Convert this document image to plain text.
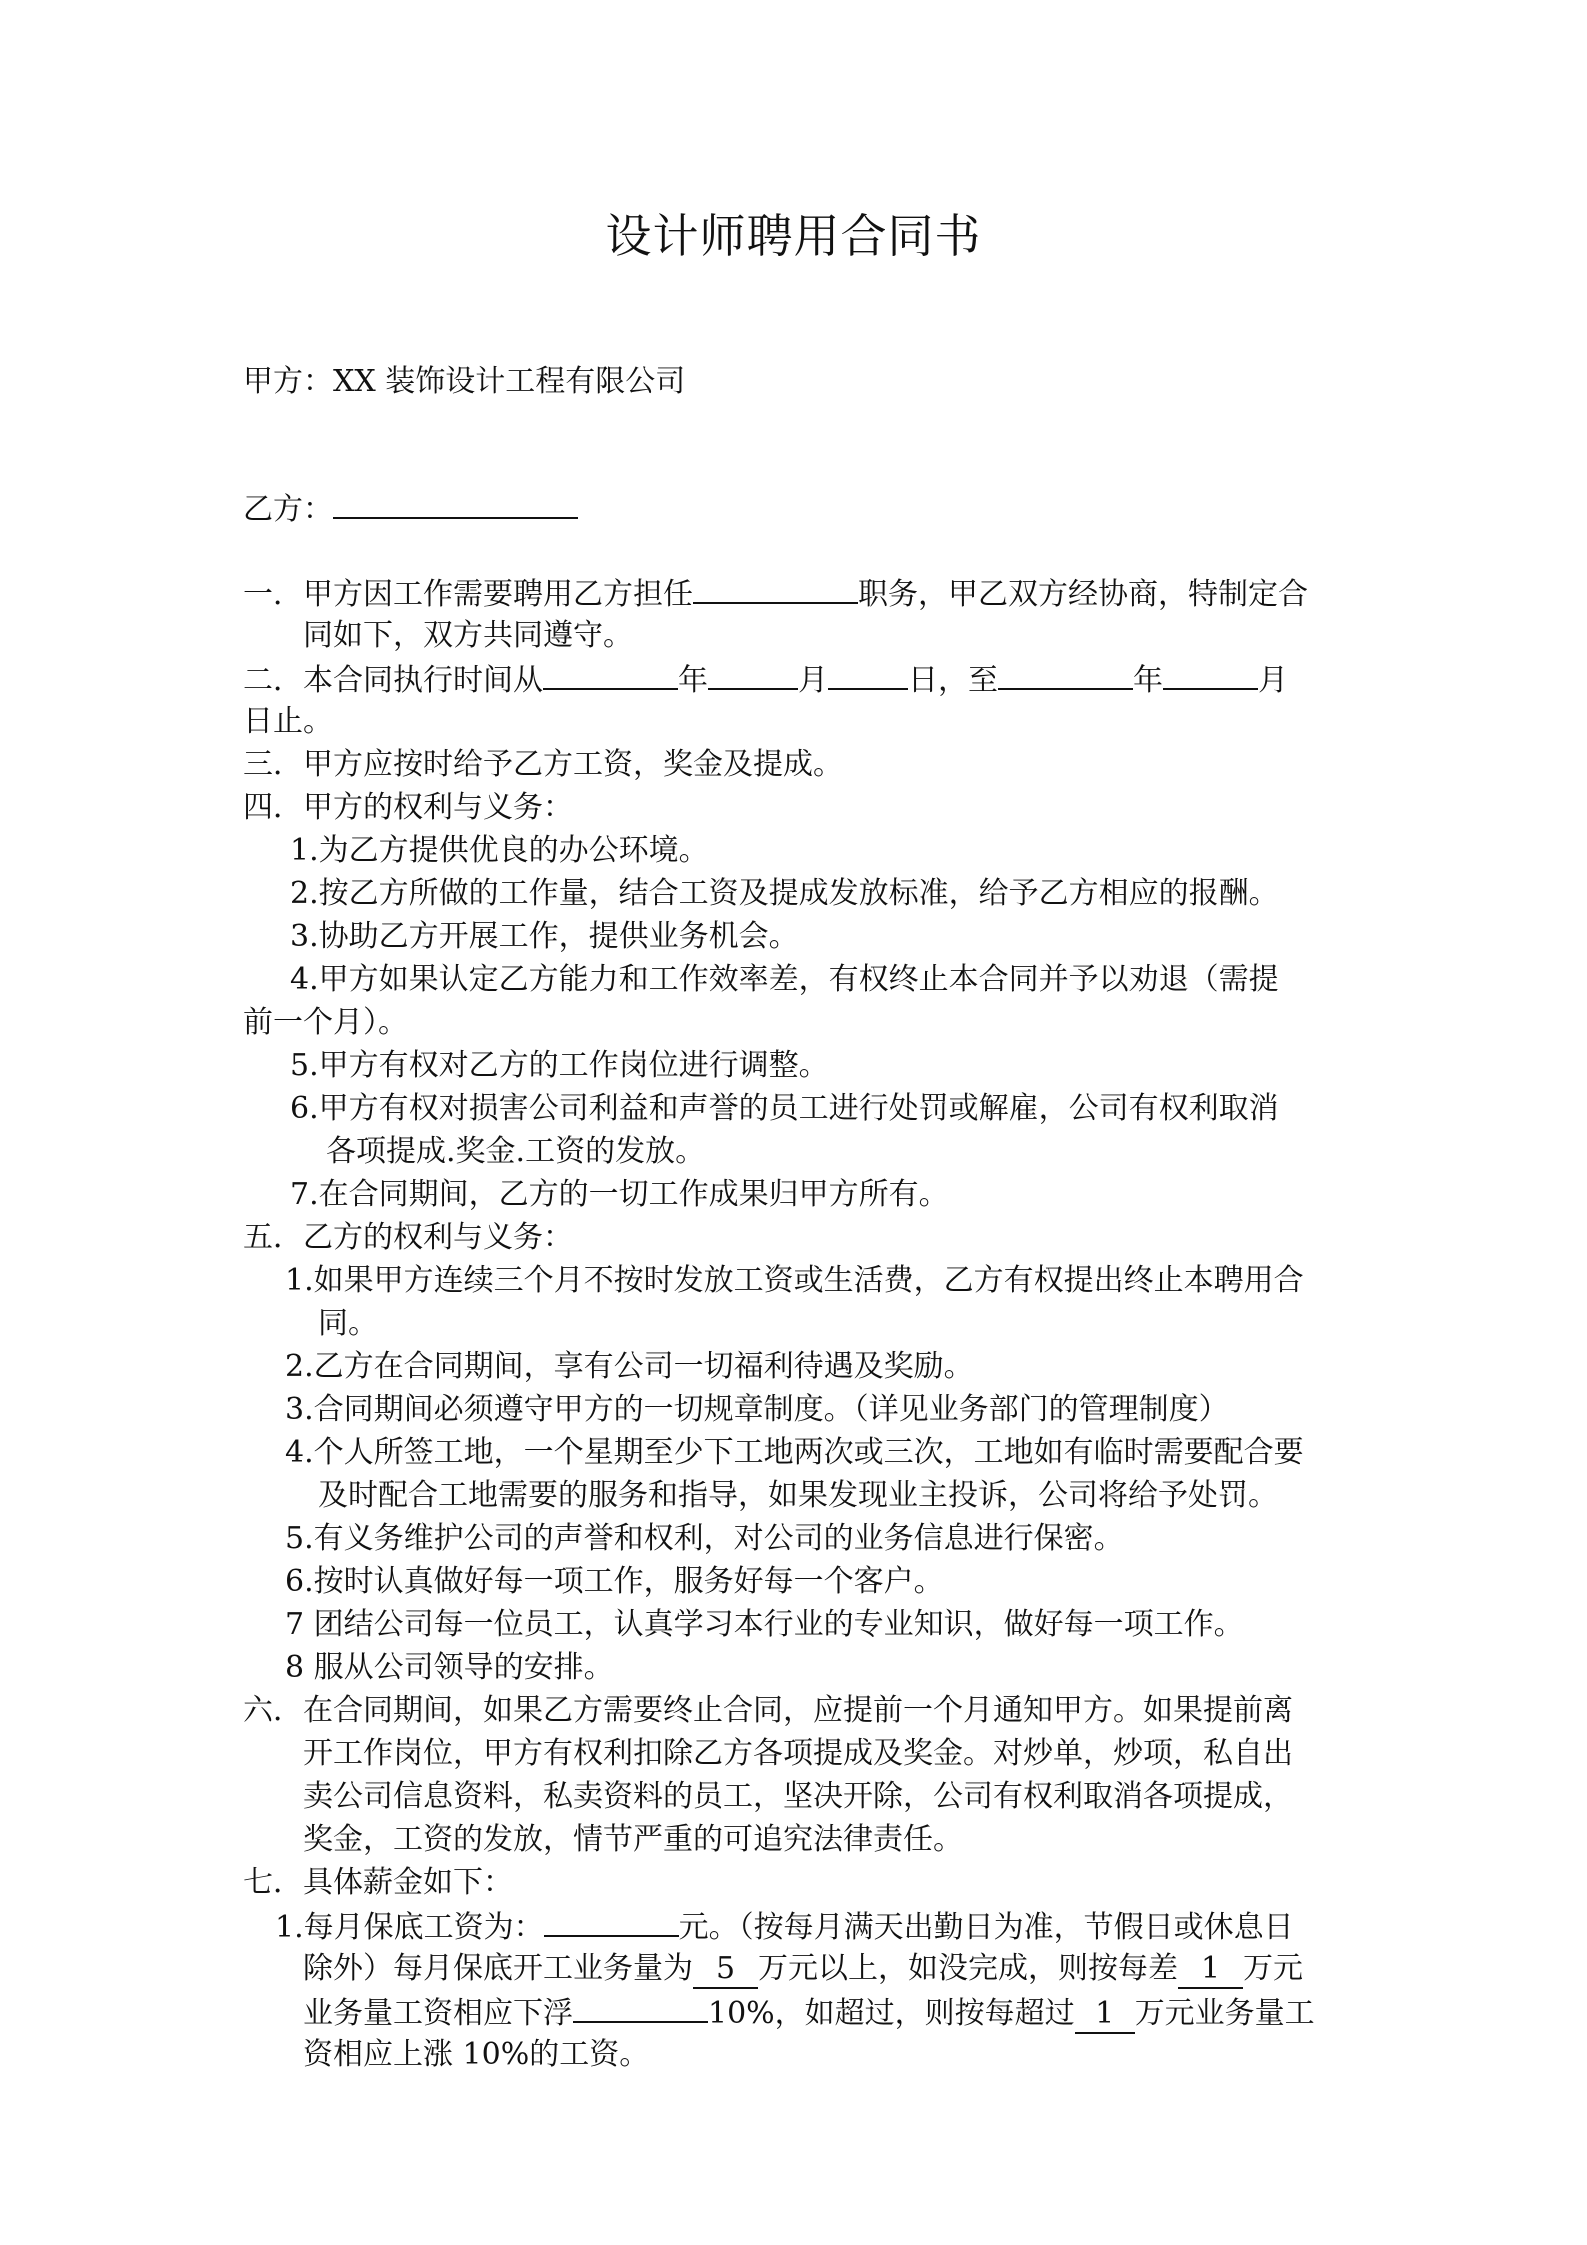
设计师聘用合同书
甲方：XX 装饰设计工程有限公司
乙方：
一．甲方因工作需要聘用乙方担任	职务，甲乙双方经协商，特制定合
同如下，双方共同遵守。
二．本合同执行时间从	年	月	日，至	年	月
日止。
三．甲方应按时给予乙方工资，奖金及提成。
四．甲方的权利与义务：
1.为乙方提供优良的办公环境。
2.按乙方所做的工作量，结合工资及提成发放标准，给予乙方相应的报酬。
3.协助乙方开展工作，提供业务机会。
4.甲方如果认定乙方能力和工作效率差，有权终止本合同并予以劝退（需提
前一个月）。
5.甲方有权对乙方的工作岗位进行调整。
6.甲方有权对损害公司利益和声誉的员工进行处罚或解雇，公司有权利取消
各项提成.奖金.工资的发放。
7.在合同期间，乙方的一切工作成果归甲方所有。
五．乙方的权利与义务：
1.如果甲方连续三个月不按时发放工资或生活费，乙方有权提出终止本聘用合
同。
2.乙方在合同期间，享有公司一切福利待遇及奖励。
3.合同期间必须遵守甲方的一切规章制度。（详见业务部门的管理制度）
4.个人所签工地，一个星期至少下工地两次或三次，工地如有临时需要配合要
及时配合工地需要的服务和指导，如果发现业主投诉，公司将给予处罚。
5.有义务维护公司的声誉和权利，对公司的业务信息进行保密。
6.按时认真做好每一项工作，服务好每一个客户。
7 团结公司每一位员工，认真学习本行业的专业知识，做好每一项工作。
8 服从公司领导的安排。
六．在合同期间，如果乙方需要终止合同，应提前一个月通知甲方。如果提前离
开工作岗位，甲方有权利扣除乙方各项提成及奖金。对炒单，炒项，私自出
卖公司信息资料，私卖资料的员工，坚决开除，公司有权利取消各项提成，
奖金，工资的发放，情节严重的可追究法律责任。
七．具体薪金如下：
1.每月保底工资为：	元。（按每月满天出勤日为准，节假日或休息日
除外）每月保底开工业务量为 5 万元以上，如没完成，则按每差 1 万元
业务量工资相应下浮	10%，如超过，则按每超过 1 万元业务量工
资相应上涨 10%的工资。
